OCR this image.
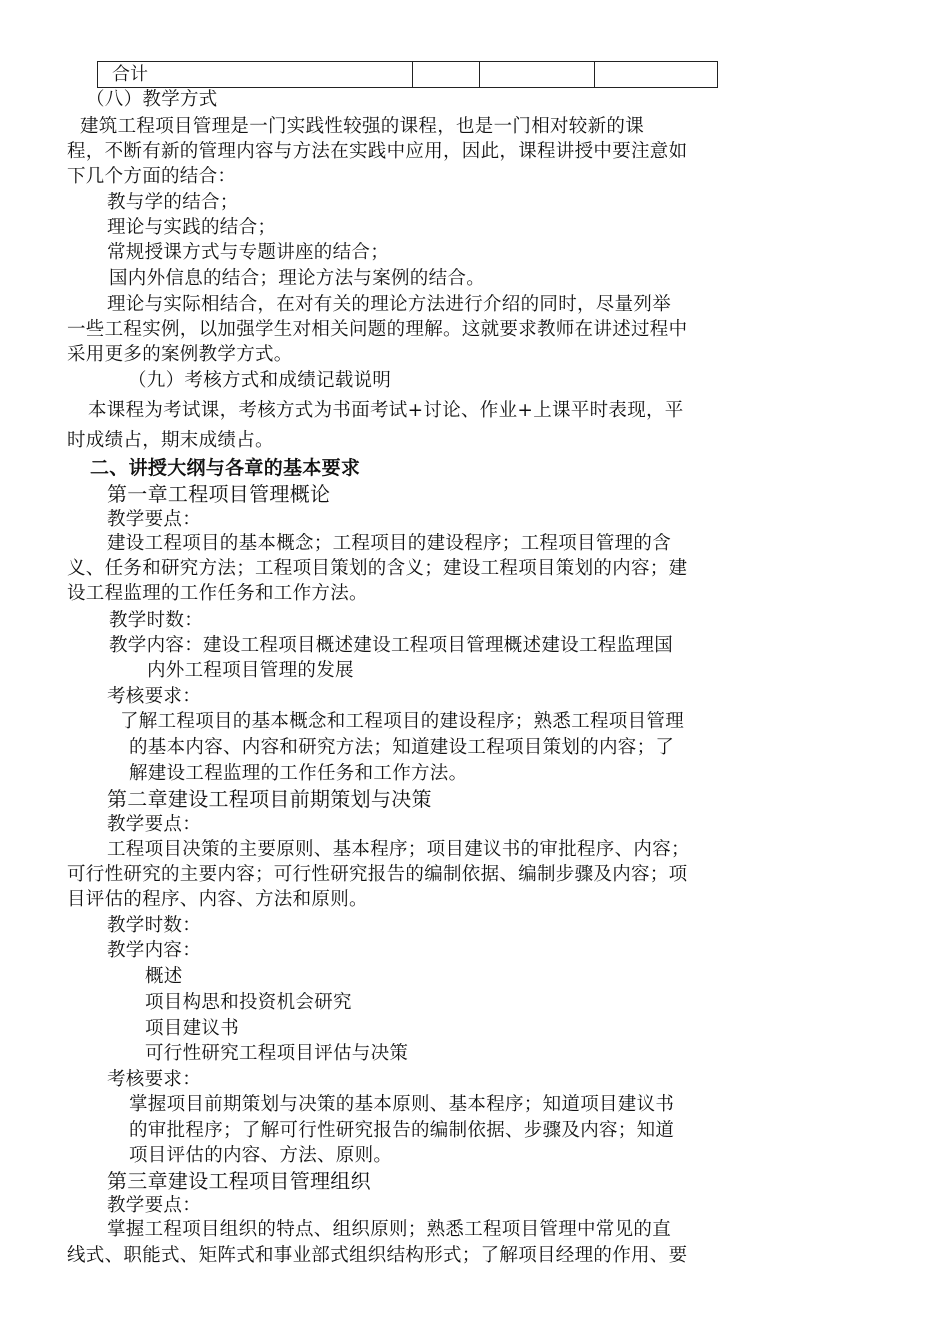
合计			
（八）教学方式
建筑工程项目管理是一门实践性较强的课程，也是一门相对较新的课
程，不断有新的管理内容与方法在实践中应用，因此，课程讲授中要注意如
下几个方面的结合：
教与学的结合；
理论与实践的结合；
常规授课方式与专题讲座的结合；
国内外信息的结合；理论方法与案例的结合。
理论与实际相结合，在对有关的理论方法进行介绍的同时，尽量列举
一些工程实例，以加强学生对相关问题的理解。这就要求教师在讲述过程中
采用更多的案例教学方式。
（九）考核方式和成绩记载说明
本课程为考试课，考核方式为书面考试+讨论、作业+上课平时表现，平
时成绩占，期末成绩占。
二、讲授大纲与各章的基本要求
第一章工程项目管理概论
教学要点：
建设工程项目的基本概念；工程项目的建设程序；工程项目管理的含
义、任务和研究方法；工程项目策划的含义；建设工程项目策划的内容；建
设工程监理的工作任务和工作方法。
教学时数：
教学内容：建设工程项目概述建设工程项目管理概述建设工程监理国
内外工程项目管理的发展
考核要求：
了解工程项目的基本概念和工程项目的建设程序；熟悉工程项目管理
的基本内容、内容和研究方法；知道建设工程项目策划的内容；了
解建设工程监理的工作任务和工作方法。
第二章建设工程项目前期策划与决策
教学要点：
工程项目决策的主要原则、基本程序；项目建议书的审批程序、内容；
可行性研究的主要内容；可行性研究报告的编制依据、编制步骤及内容；项
目评估的程序、内容、方法和原则。
教学时数：
教学内容：
概述
项目构思和投资机会研究
项目建议书
可行性研究工程项目评估与决策
考核要求：
掌握项目前期策划与决策的基本原则、基本程序；知道项目建议书
的审批程序；了解可行性研究报告的编制依据、步骤及内容；知道
项目评估的内容、方法、原则。
第三章建设工程项目管理组织
教学要点：
掌握工程项目组织的特点、组织原则；熟悉工程项目管理中常见的直
线式、职能式、矩阵式和事业部式组织结构形式；了解项目经理的作用、要
